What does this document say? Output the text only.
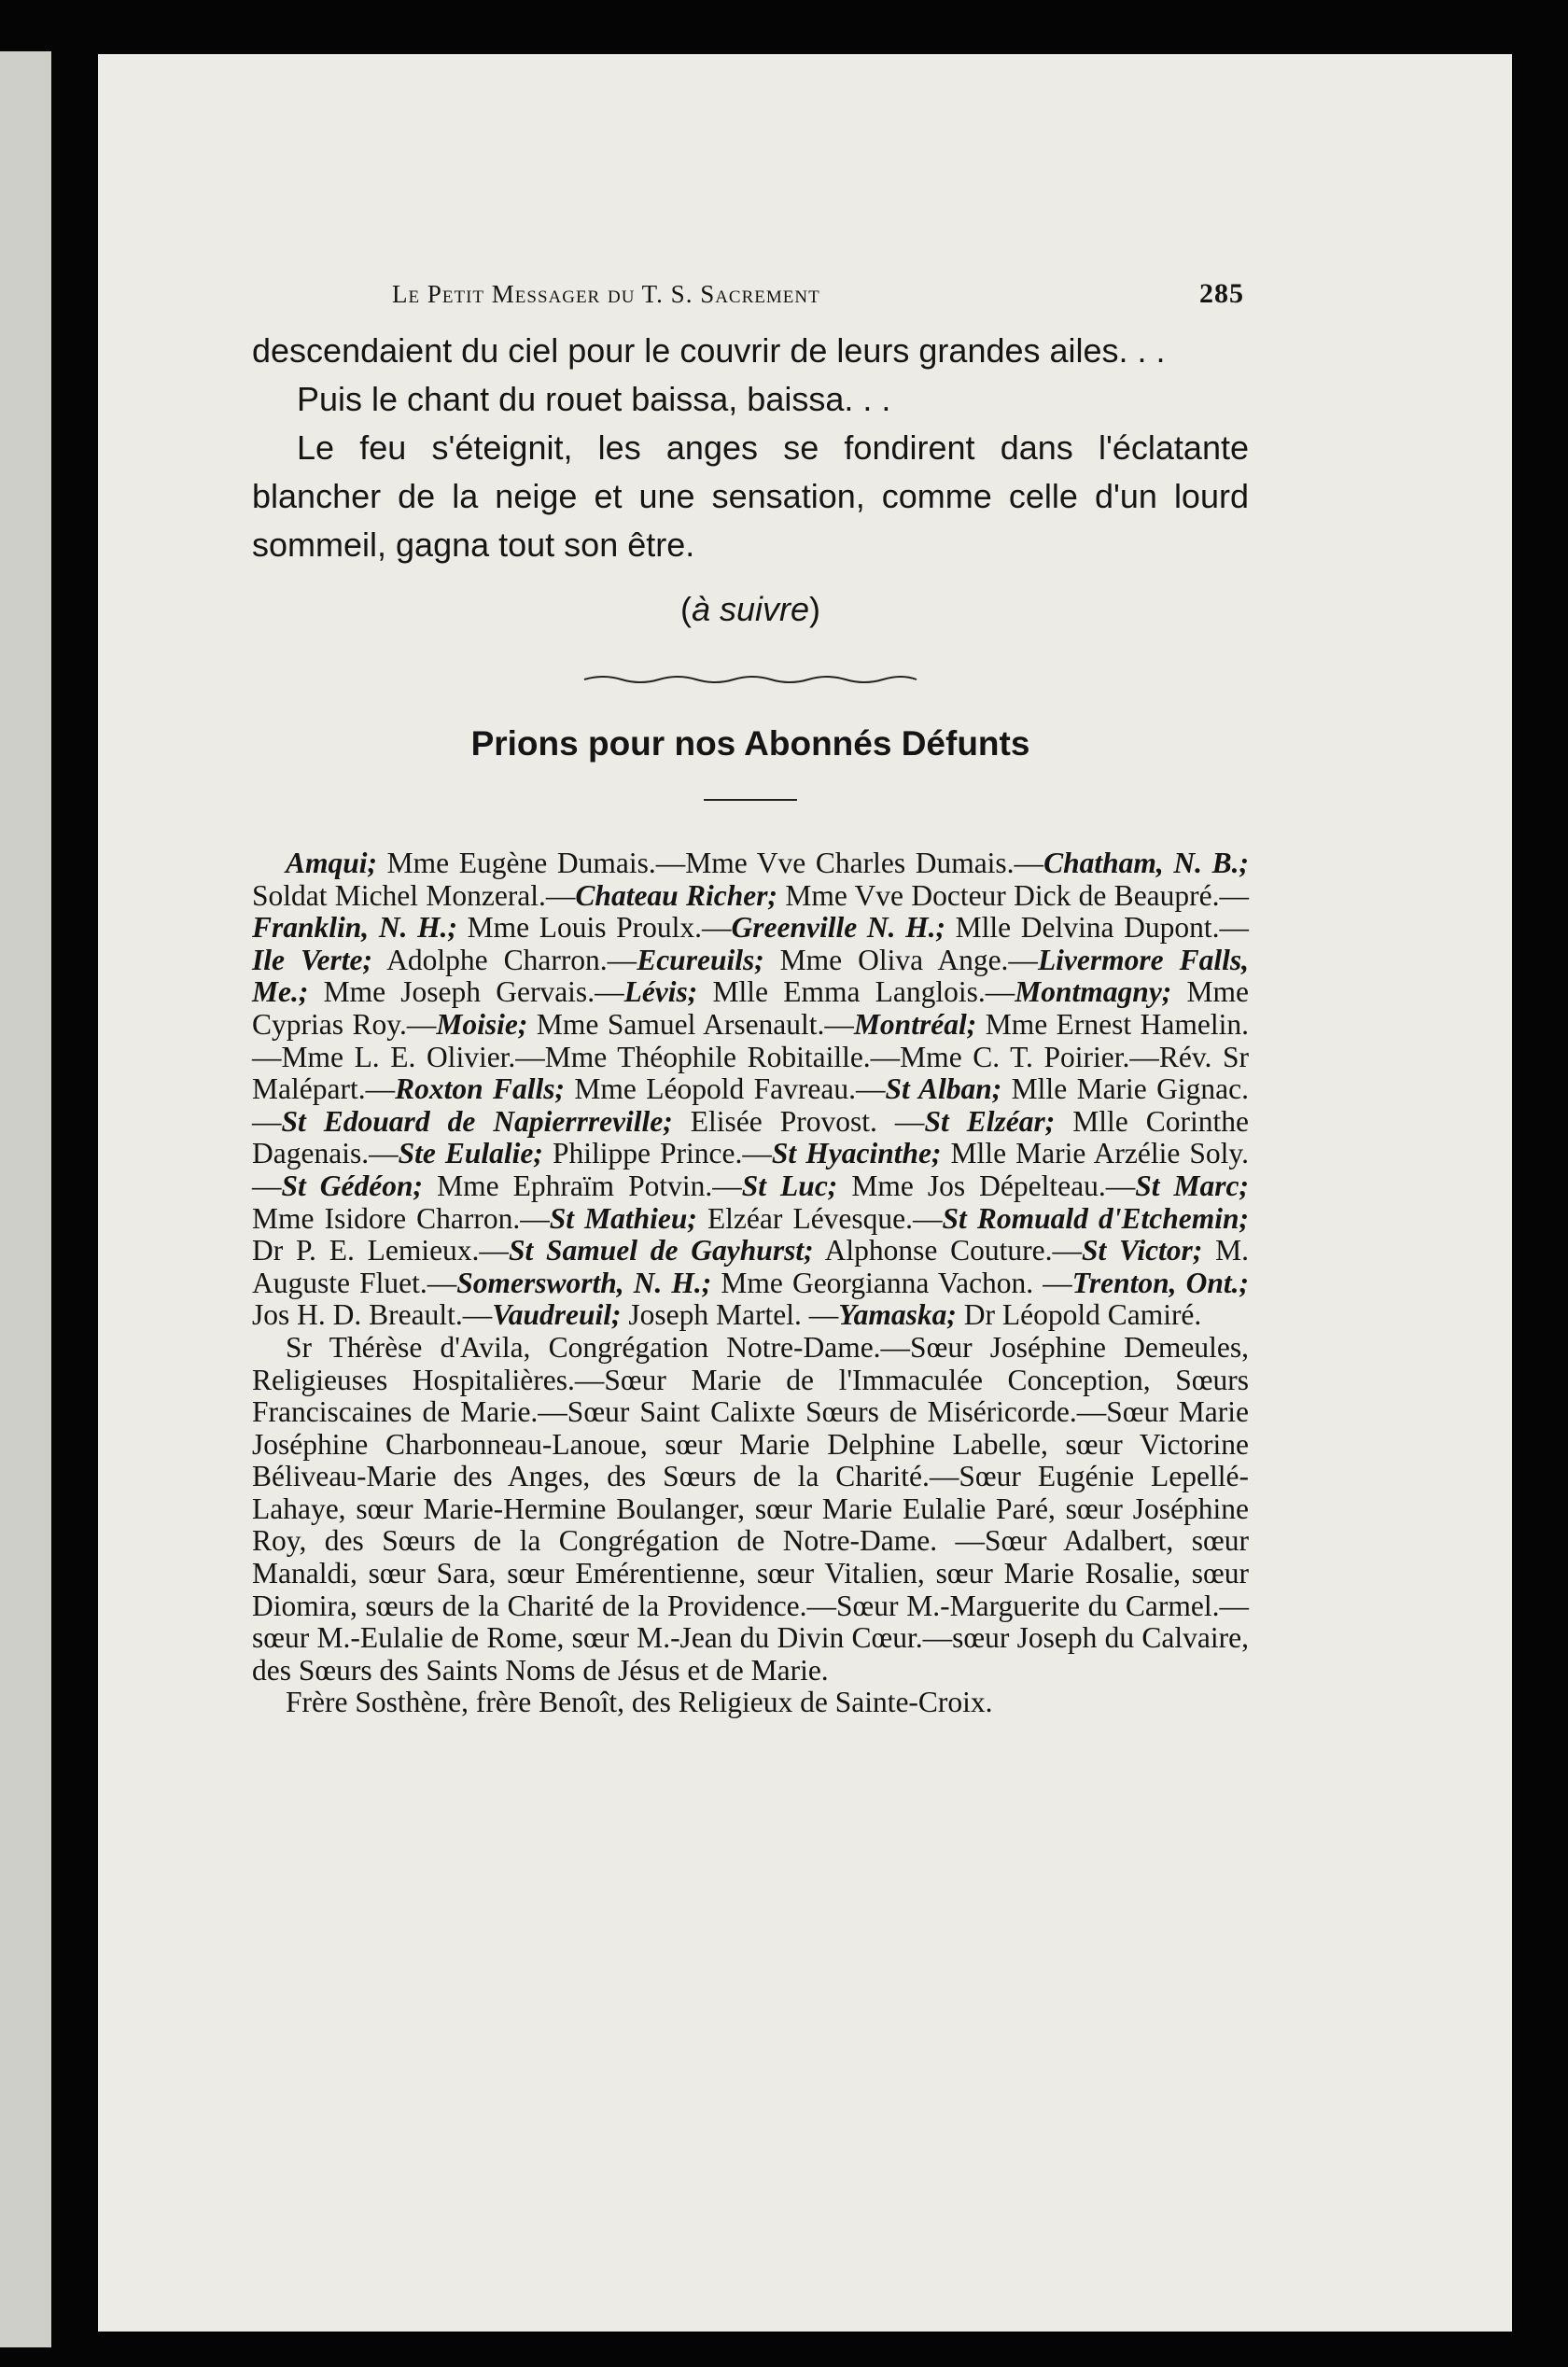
Le Petit Messager du T. S. Sacrement	285

descendaient du ciel pour le couvrir de leurs grandes ailes. . .

Puis le chant du rouet baissa, baissa. . .

Le feu s'éteignit, les anges se fondirent dans l'éclatante blancher de la neige et une sensation, comme celle d'un lourd sommeil, gagna tout son être.

(à suivre)
Prions pour nos Abonnés Défunts

Amqui; Mme Eugène Dumais.—Mme Vve Charles Dumais.—Chatham, N. B.; Soldat Michel Monzeral.—Chateau Richer; Mme Vve Docteur Dick de Beaupré.—Franklin, N. H.; Mme Louis Proulx.—Greenville N. H.; Mlle Delvina Dupont.—Ile Verte; Adolphe Charron.—Ecureuils; Mme Oliva Ange.—Livermore Falls, Me.; Mme Joseph Gervais.—Lévis; Mlle Emma Langlois.—Montmagny; Mme Cyprias Roy.—Moisie; Mme Samuel Arsenault.—Montréal; Mme Ernest Hamelin.—Mme L. E. Olivier.—Mme Théophile Robitaille.—Mme C. T. Poirier.—Rév. Sr Malépart.—Roxton Falls; Mme Léopold Favreau.—St Alban; Mlle Marie Gignac.—St Edouard de Napierrreville; Elisée Provost. —St Elzéar; Mlle Corinthe Dagenais.—Ste Eulalie; Philippe Prince.—St Hyacinthe; Mlle Marie Arzélie Soly.—St Gédéon; Mme Ephraïm Potvin.—St Luc; Mme Jos Dépelteau.—St Marc; Mme Isidore Charron.—St Mathieu; Elzéar Lévesque.—St Romuald d'Etchemin; Dr P. E. Lemieux.—St Samuel de Gayhurst; Alphonse Couture.—St Victor; M. Auguste Fluet.—Somersworth, N. H.; Mme Georgianna Vachon. —Trenton, Ont.; Jos H. D. Breault.—Vaudreuil; Joseph Martel. —Yamaska; Dr Léopold Camiré.

Sr Thérèse d'Avila, Congrégation Notre-Dame.—Sœur Joséphine Demeules, Religieuses Hospitalières.—Sœur Marie de l'Immaculée Conception, Sœurs Franciscaines de Marie.—Sœur Saint Calixte Sœurs de Miséricorde.—Sœur Marie Joséphine Charbonneau-Lanoue, sœur Marie Delphine Labelle, sœur Victorine Béliveau-Marie des Anges, des Sœurs de la Charité.—Sœur Eugénie Lepellé-Lahaye, sœur Marie-Hermine Boulanger, sœur Marie Eulalie Paré, sœur Joséphine Roy, des Sœurs de la Congrégation de Notre-Dame. —Sœur Adalbert, sœur Manaldi, sœur Sara, sœur Emérentienne, sœur Vitalien, sœur Marie Rosalie, sœur Diomira, sœurs de la Charité de la Providence.—Sœur M.-Marguerite du Carmel.—sœur M.-Eulalie de Rome, sœur M.-Jean du Divin Cœur.—sœur Joseph du Calvaire, des Sœurs des Saints Noms de Jésus et de Marie.

Frère Sosthène, frère Benoît, des Religieux de Sainte-Croix.
